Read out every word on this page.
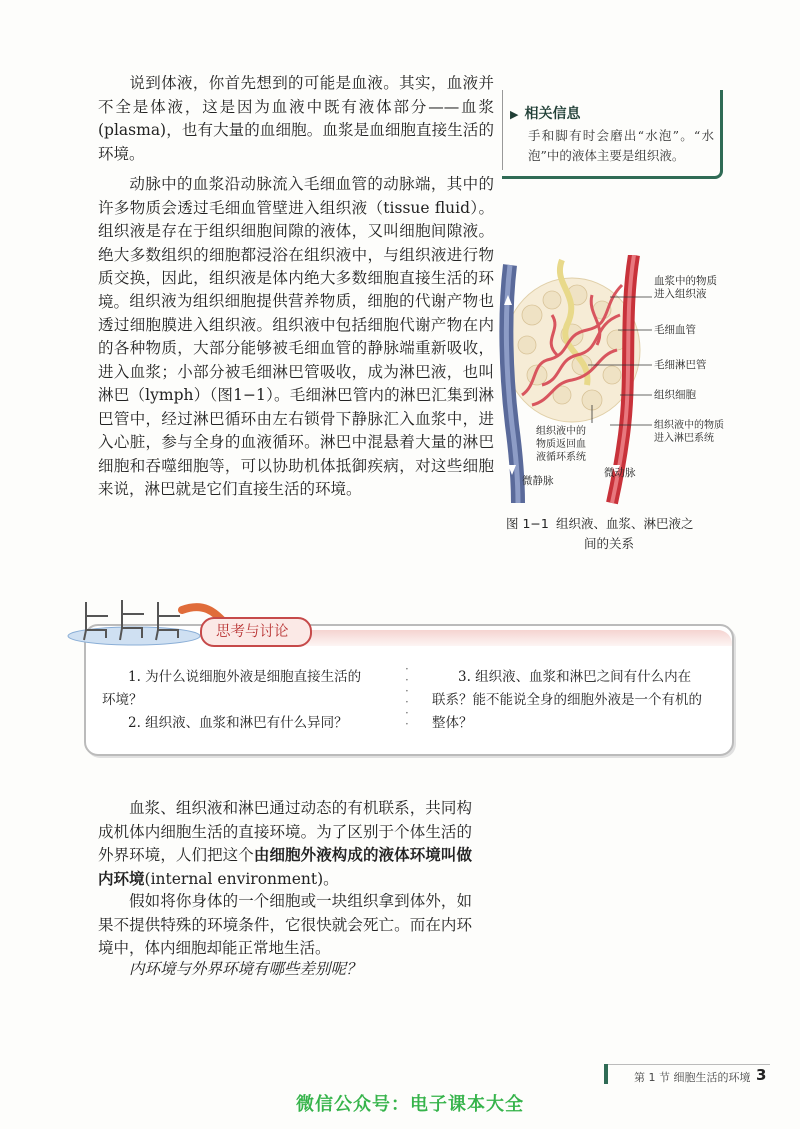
说到体液，你首先想到的可能是血液。其实，血液并不全是体液，这是因为血液中既有液体部分——血浆(plasma)，也有大量的血细胞。血浆是血细胞直接生活的环境。

动脉中的血浆沿动脉流入毛细血管的动脉端，其中的许多物质会透过毛细血管壁进入组织液（tissue fluid）。组织液是存在于组织细胞间隙的液体，又叫细胞间隙液。绝大多数组织的细胞都浸浴在组织液中，与组织液进行物质交换，因此，组织液是体内绝大多数细胞直接生活的环境。 组织液为组织细胞提供营养物质，细胞的代谢产物也透过细胞膜进入组织液。组织液中包括细胞代谢产物在内的各种物质，大部分能够被毛细血管的静脉端重新吸收，进入血浆；小部分被毛细淋巴管吸收，成为淋巴液，也叫淋巴（lymph）（图1−1）。毛细淋巴管内的淋巴汇集到淋巴管中，经过淋巴循环由左右锁骨下静脉汇入血浆中，进入心脏，参与全身的血液循环。淋巴中混悬着大量的淋巴细胞和吞噬细胞等，可以协助机体抵御疾病，对这些细胞来说，淋巴就是它们直接生活的环境。

▶ 相关信息
手和脚有时会磨出“水泡”。“水泡”中的液体主要是组织液。
血浆中的物质
进入组织液
毛细血管
毛细淋巴管
组织细胞
组织液中的物质
进入淋巴系统
组织液中的
物质返回血
液循环系统
微动脉
微静脉
图 1−1 组织液、血浆、淋巴液之
间的关系
思考与讨论
1. 为什么说细胞外液是细胞直接生活的
环境？
2. 组织液、血浆和淋巴有什么异同？
·
·
·
·
·
·
3. 组织液、血浆和淋巴之间有什么内在
联系？能不能说全身的细胞外液是一个有机的
整体？

血浆、组织液和淋巴通过动态的有机联系，共同构成机体内细胞生活的直接环境。为了区别于个体生活的外界环境，人们把这个由细胞外液构成的液体环境叫做内环境(internal environment)。

假如将你身体的一个细胞或一块组织拿到体外，如果不提供特殊的环境条件，它很快就会死亡。而在内环境中，体内细胞却能正常地生活。

内环境与外界环境有哪些差别呢？

第 1 节 细胞生活的环境 3
微信公众号：电子课本大全
